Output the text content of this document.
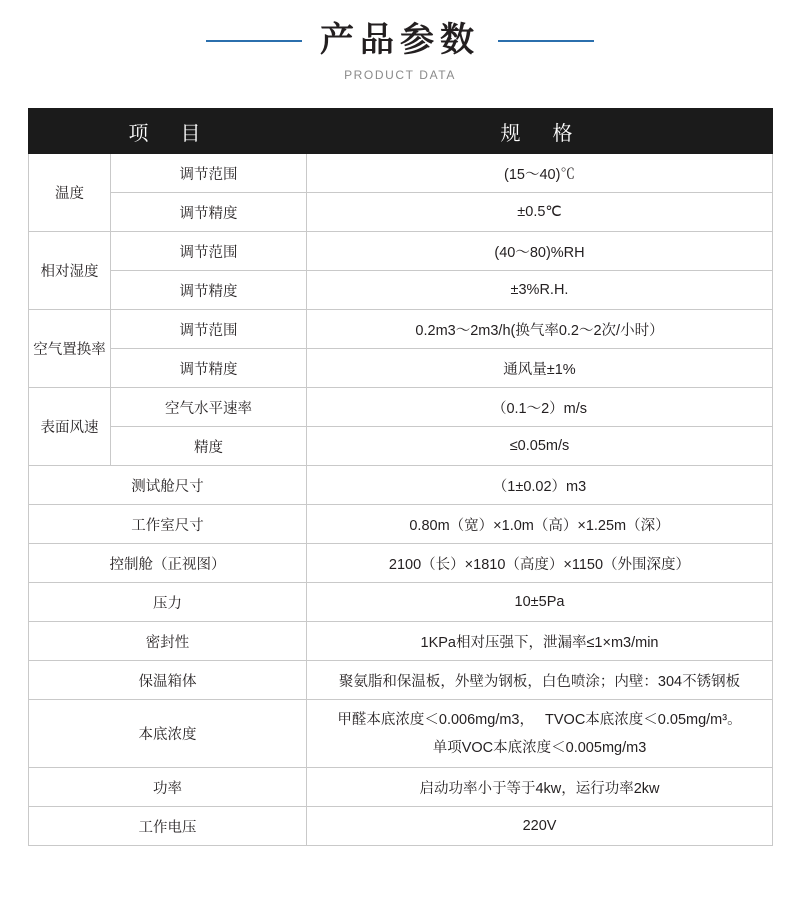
产品参数
PRODUCT DATA
项　目		规　格
温度	调节范围	(15～40)℃
	调节精度	±0.5℃
相对湿度	调节范围	(40～80)%RH
	调节精度	±3%R.H.
空气置换率	调节范围	0.2m3～2m3/h(换气率0.2～2次/小时）
	调节精度	通风量±1%
表面风速	空气水平速率	（0.1～2）m/s
	精度	≤0.05m/s
测试舱尺寸		（1±0.02）m3
工作室尺寸		0.80m（宽）×1.0m（高）×1.25m（深）
控制舱（正视图）		2100（长）×1810（高度）×1150（外围深度）
压力		10±5Pa
密封性		1KPa相对压强下，泄漏率≤1×m3/min
保温箱体		聚氨脂和保温板，外壁为钢板，白色喷涂；内壁：304不锈钢板
本底浓度		甲醛本底浓度＜0.006mg/m3，　 TVOC本底浓度＜0.05mg/m³。
单项VOC本底浓度＜0.005mg/m3

功率		启动功率小于等于4kw，运行功率2kw
工作电压		220V
